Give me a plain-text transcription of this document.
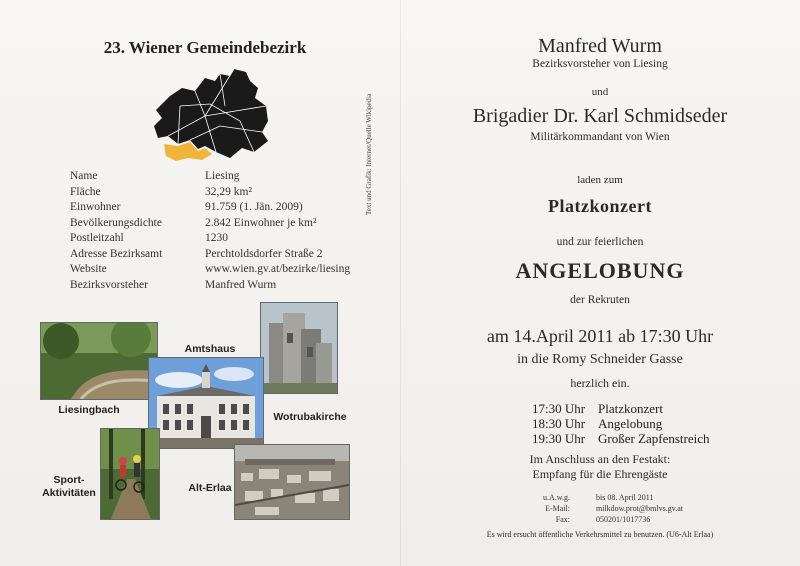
23. Wiener Gemeindebezirk
Text und Grafik: Internet/Quelle Wikipedia
Name	Liesing
Fläche	32,29 km²
Einwohner	91.759 (1. Jän. 2009)
Bevölkerungsdichte	2.842 Einwohner je km²
Postleitzahl	1230
Adresse Bezirksamt	Perchtoldsdorfer Straße 2
Website	www.wien.gv.at/bezirke/liesing
Bezirksvorsteher	Manfred Wurm
Liesingbach
Amtshaus
Wotrubakirche
Sport-
Aktivitäten	Alt-Erlaa
Manfred Wurm
Bezirksvorsteher von Liesing
und
Brigadier Dr. Karl Schmidseder
Militärkommandant von Wien
laden zum
Platzkonzert
und zur feierlichen
ANGELOBUNG
der Rekruten
am 14.April 2011 ab 17:30 Uhr
in die Romy Schneider Gasse
herzlich ein.
17:30 Uhr Platzkonzert
18:30 Uhr Angelobung
19:30 Uhr Großer Zapfenstreich
Im Anschluss an den Festakt:
Empfang für die Ehrengäste
u.A.w.g.	bis 08. April 2011
E-Mail:	milkdow.prot@bmlvs.gv.at
Fax:	050201/1017736
Es wird ersucht öffentliche Verkehrsmittel zu benutzen. (U6-Alt Erlaa)
